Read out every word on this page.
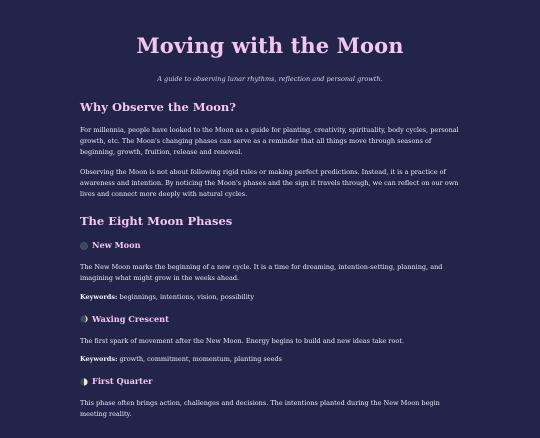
Moving with the Moon
A guide to observing lunar rhythms, reflection and personal growth.
Why Observe the Moon?

For millennia, people have looked to the Moon as a guide for planting, creativity, spirituality, body cycles, personal growth, etc. The Moon's changing phases can serve as a reminder that all things move through seasons of beginning, growth, fruition, release and renewal.

Observing the Moon is not about following rigid rules or making perfect predictions. Instead, it is a practice of awareness and intention. By noticing the Moon's phases and the sign it travels through, we can reflect on our own lives and connect more deeply with natural cycles.

The Eight Moon Phases
New Moon

The New Moon marks the beginning of a new cycle. It is a time for dreaming, intention-setting, planning, and imagining what might grow in the weeks ahead.

Keywords: beginnings, intentions, vision, possibility

Waxing Crescent

The first spark of movement after the New Moon. Energy begins to build and new ideas take root.

Keywords: growth, commitment, momentum, planting seeds

First Quarter

This phase often brings action, challenges and decisions. The intentions planted during the New Moon begin meeting reality.
